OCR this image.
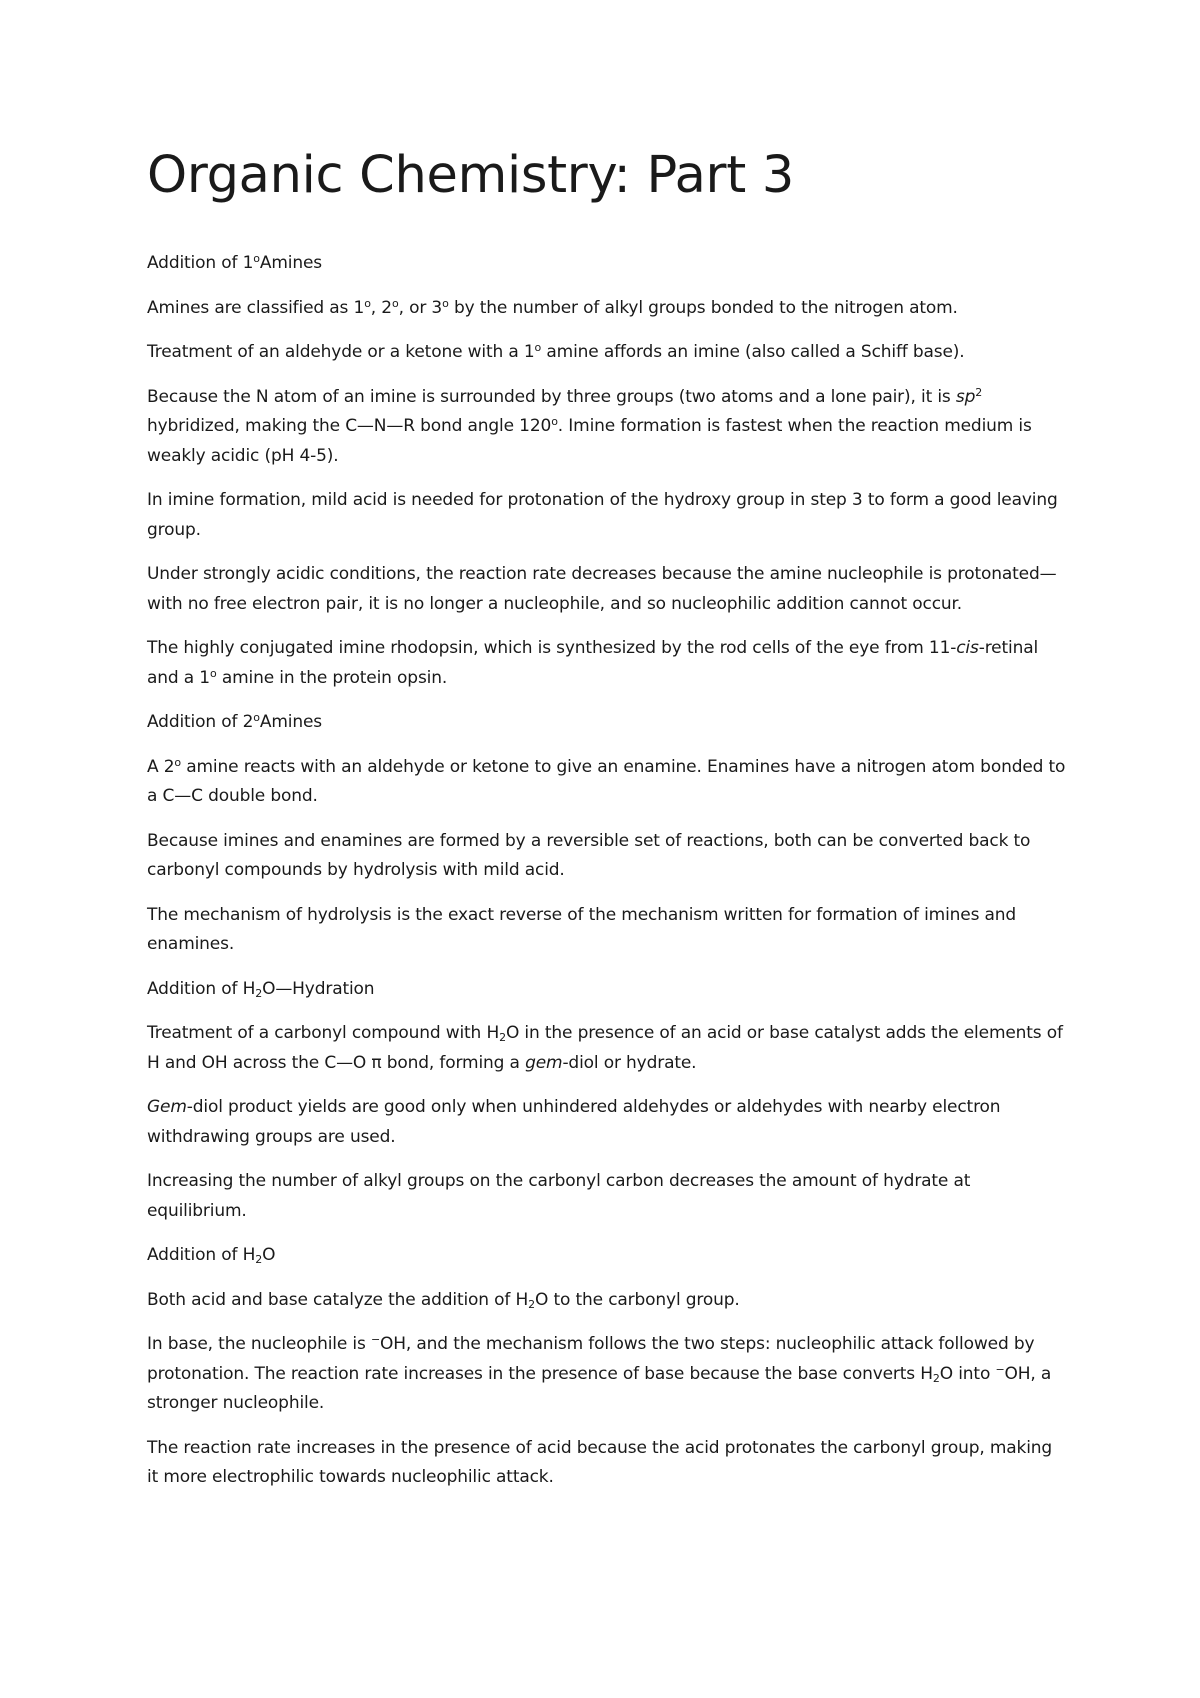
Organic Chemistry: Part 3

Addition of 1$^o$Amines

Amines are classified as 1$^o$, 2$^o$, or 3$^o$ by the number of alkyl groups bonded to the nitrogen atom.

Treatment of an aldehyde or a ketone with a 1$^o$ amine affords an imine (also called a Schiff base).

Because the N atom of an imine is surrounded by three groups (two atoms and a lone pair), it is $sp^2$ hybridized, making the C—N—R bond angle 120$^o$. Imine formation is fastest when the reaction medium is weakly acidic (pH 4-5).

In imine formation, mild acid is needed for protonation of the hydroxy group in step 3 to form a good leaving group.

Under strongly acidic conditions, the reaction rate decreases because the amine nucleophile is protonated—with no free electron pair, it is no longer a nucleophile, and so nucleophilic addition cannot occur.

The highly conjugated imine rhodopsin, which is synthesized by the rod cells of the eye from 11-cis-retinal and a 1$^o$ amine in the protein opsin.

Addition of 2$^o$Amines

A 2$^o$ amine reacts with an aldehyde or ketone to give an enamine. Enamines have a nitrogen atom bonded to a C—C double bond.

Because imines and enamines are formed by a reversible set of reactions, both can be converted back to carbonyl compounds by hydrolysis with mild acid.

The mechanism of hydrolysis is the exact reverse of the mechanism written for formation of imines and enamines.

Addition of $H_2O—Hydration$

Treatment of a carbonyl compound with $H_2O$ in the presence of an acid or base catalyst adds the elements of H and OH across the C—O π bond, forming a gem-diol or hydrate.

Gem-diol product yields are good only when unhindered aldehydes or aldehydes with nearby electron withdrawing groups are used.

Increasing the number of alkyl groups on the carbonyl carbon decreases the amount of hydrate at equilibrium.

Addition of $H_2O$

Both acid and base catalyze the addition of $H_2O$ to the carbonyl group.

In base, the nucleophile is −OH, and the mechanism follows the two steps: nucleophilic attack followed by protonation. The reaction rate increases in the presence of base because the base converts $H_2O$ into −OH, a stronger nucleophile.

The reaction rate increases in the presence of acid because the acid protonates the carbonyl group, making it more electrophilic towards nucleophilic attack.
